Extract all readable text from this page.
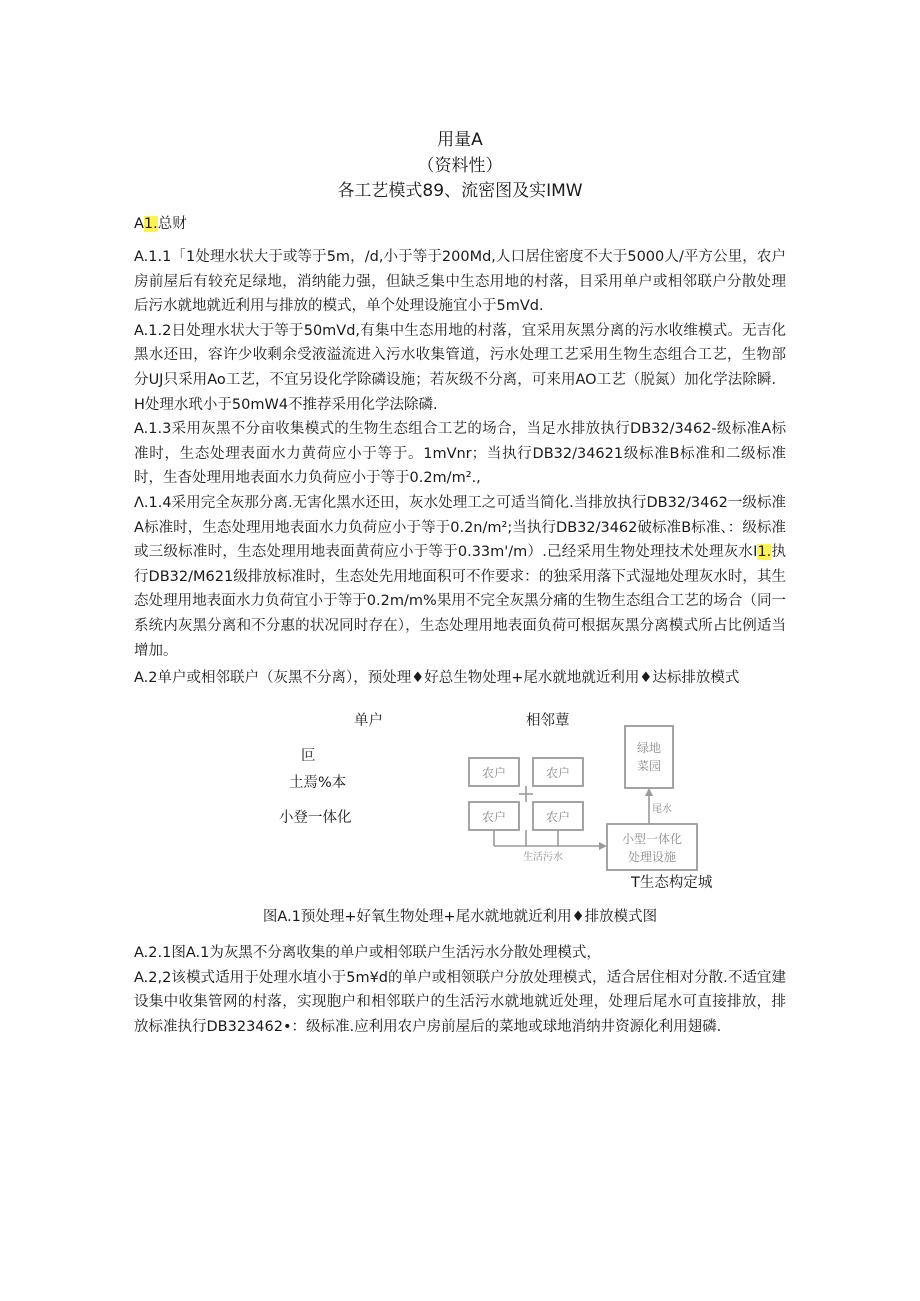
用量A
（资料性）
各工艺模式89、流密图及实IMW
A1.总财

A.1.1「1处理水状大于或等于5m，/d,小于等于200Md,人口居住密度不大于5000人/平方公里，农户房前屋后有较充足绿地，消纳能力强，但缺乏集中生态用地的村落，目采用单户或相邻联户分散处理后污水就地就近利用与排放的模式，单个处理设施宜小于5mVd.

A.1.2日处理水状大于等于50mVd,有集中生态用地的村落，宜采用灰黑分离的污水收维模式。无吉化黑水还田，容许少收剩余受液溢流进入污水收集管道，污水处理工艺采用生物生态组合工艺，生物部分UJ只采用Ao工艺，不宜另设化学除磷设施；若灰级不分离，可来用AO工艺（脱氮）加化学法除瞬．H处理水玳小于50mW4不推荐采用化学法除磷.

A.1.3采用灰黑不分亩收集模式的生物生态组合工艺的场合，当足水排放执行DB32/3462-级标准A标准时，生态处理表面水力黄荷应小于等于。1mVnr；当执行DB32/34621级标准B标准和二级标准时，生杳处理用地表面水力负荷应小于等于0.2m∕m².,

Λ.1.4采用完全灰那分离.无害化黑水还田，灰水处理工之可适当简化.当排放执行DB32/3462一级标准A标准时，生态处理用地表面水力负荷应小于等于0.2n∕m²;当执行DB32/3462破标准B标准、：级标准或三级标准时，生态处理用地表面黄荷应小于等于0.33m'/m）.己经采用生物处理技术处理灰水I1.执行DB32/M621级排放标准时，生态处先用地面积可不作要求：的独采用落下式湿地处理灰水时，其生态处理用地表面水力负荷宜小于等于0.2m∕m%果用不完全灰黑分痛的生物生态组合工艺的场合（同一系统内灰黑分离和不分惠的状况同时存在），生态处理用地表面负荷可根据灰黑分离模式所占比例适当增加。

A.2单户或相邻联户（灰黑不分离），预处理♦好总生物处理+尾水就地就近利用♦达标排放模式
单户
叵
土焉%本
小登一体化
相邻蕈
农户	农户
农户	农户
绿地
菜园
小型一体化
处理设施
尾水
生活污水
T生态构定城
图A.1预处理+好氧生物处理+尾水就地就近利用♦排放模式图

A.2.1图A.1为灰黑不分离收集的单户或相邻联户生活污水分散处理模式，

A.2,2该模式适用于处理水埴小于5m¥d的单户或相领联户分放处理模式，适合居住相对分散.不适宜建设集中收集管网的村落，实现胞户和相邻联户的生活污水就地就近处理，处理后尾水可直接排放，排放标准执行DB323462•：级标准.应利用农户房前屋后的菜地或球地消纳井资源化利用翅磷.
